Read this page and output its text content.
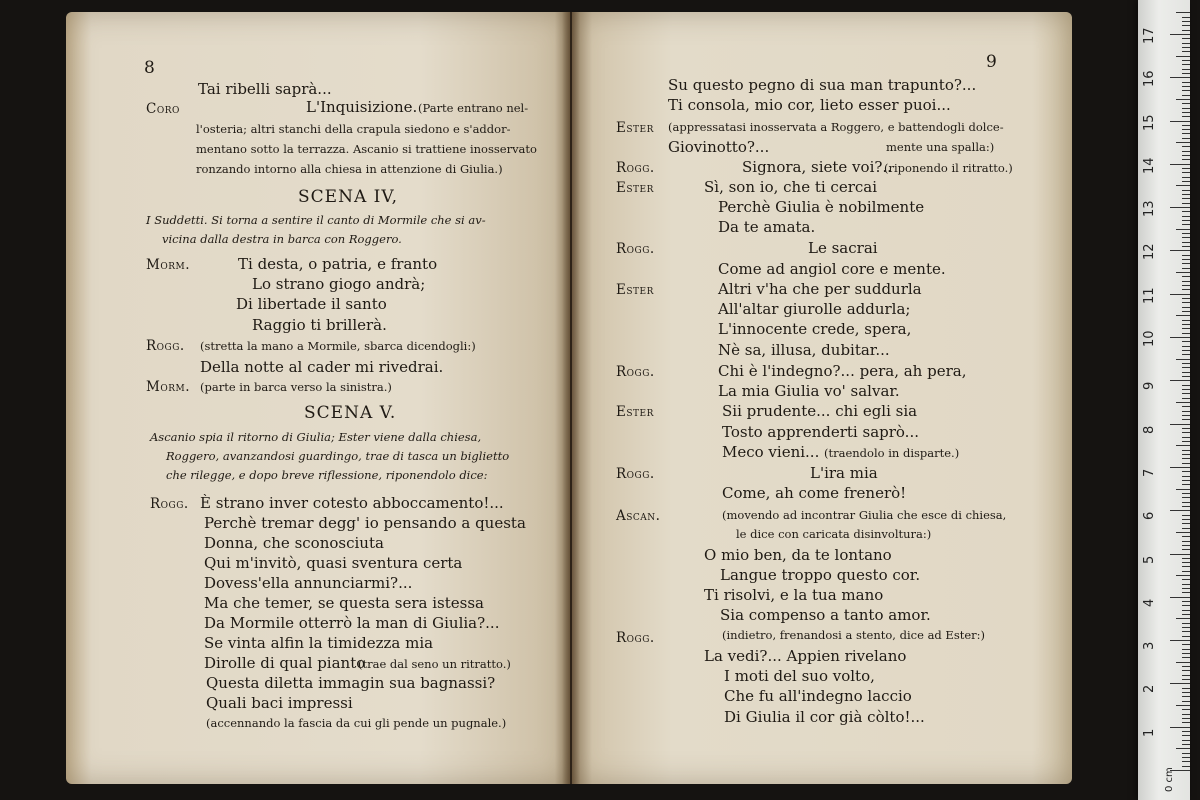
8
Tai ribelli saprà...
Coro	L'Inquisizione. (Parte entrano nel-
l'osteria; altri stanchi della crapula siedono e s'addor-
mentano sotto la terrazza. Ascanio si trattiene inosservato
ronzando intorno alla chiesa in attenzione di Giulia.)
SCENA IV,
I Suddetti. Si torna a sentire il canto di Mormile che si av-
vicina dalla destra in barca con Roggero.
Morm.	Ti desta, o patria, e franto
Lo strano giogo andrà;
Di libertade il santo
Raggio ti brillerà.
Rogg. (stretta la mano a Mormile, sbarca dicendogli:)
Della notte al cader mi rivedrai.
Morm. (parte in barca verso la sinistra.)
SCENA V.
Ascanio spia il ritorno di Giulia; Ester viene dalla chiesa,
Roggero, avanzandosi guardingo, trae di tasca un biglietto
che rilegge, e dopo breve riflessione, riponendolo dice:
Rogg. È strano inver cotesto abboccamento!...
Perchè tremar degg' io pensando a questa
Donna, che sconosciuta
Qui m'invitò, quasi sventura certa
Dovess'ella annunciarmi?...
Ma che temer, se questa sera istessa
Da Mormile otterrò la man di Giulia?...
Se vinta alfin la timidezza mia
Dirolle di qual pianto
(trae dal seno un ritratto.)
Questa diletta immagin sua bagnassi?
Quali baci impressi
(accennando la fascia da cui gli pende un pugnale.)
9
Su questo pegno di sua man trapunto?...
Ti consola, mio cor, lieto esser puoi...
Ester (appressatasi inosservata a Roggero, e battendogli dolce-
Giovinotto?...	mente una spalla:)
Rogg.	Signora, siete voi?..
(riponendo il ritratto.)
Ester	Sì, son io, che ti cercai
Perchè Giulia è nobilmente
Da te amata.
Rogg.	Le sacrai
Come ad angiol core e mente.
Ester	Altri v'ha che per suddurla
All'altar giurolle addurla;
L'innocente crede, spera,
Nè sa, illusa, dubitar...
Rogg.	Chi è l'indegno?... pera, ah pera,
La mia Giulia vo' salvar.
Ester	Sii prudente... chi egli sia
Tosto apprenderti saprò...
Meco vieni... (traendolo in disparte.)
Rogg.	L'ira mia
Come, ah come frenerò!
Ascan.	(movendo ad incontrar Giulia che esce di chiesa,
le dice con caricata disinvoltura:)
O mio ben, da te lontano
Langue troppo questo cor.
Ti risolvi, e la tua mano
Sia compenso a tanto amor.
Rogg.	(indietro, frenandosi a stento, dice ad Ester:)
La vedi?... Appien rivelano
I moti del suo volto,
Che fu all'indegno laccio
Di Giulia il cor già còlto!...
1
2
3
4
5
6
7
8
9
10
11
12
13
14
15
16
17
0 cm
